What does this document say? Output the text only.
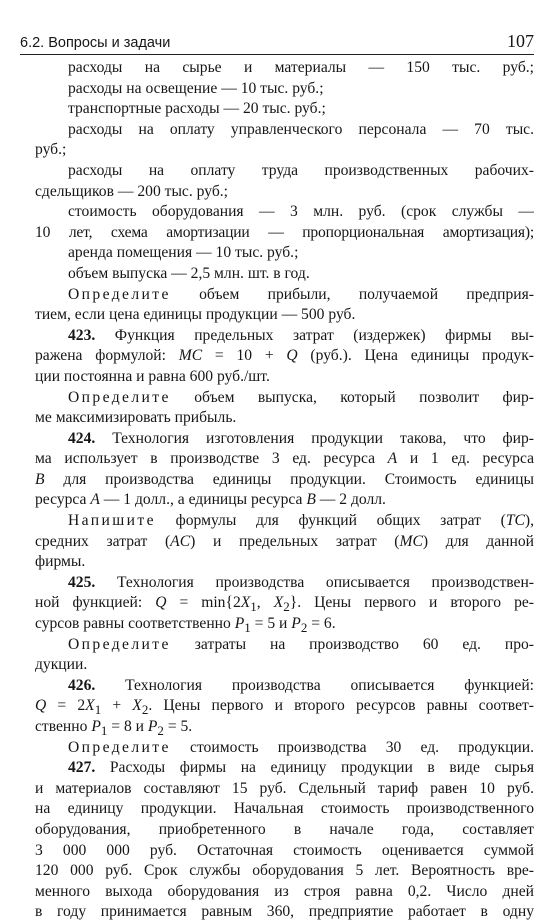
6.2. Вопросы и задачи	107
расходы на сырье и материалы — 150 тыс. руб.;
расходы на освещение — 10 тыс. руб.;
транспортные расходы — 20 тыс. руб.;
расходы на оплату управленческого персонала — 70 тыс.
руб.;
расходы на оплату труда производственных рабочих-
сдельщиков — 200 тыс. руб.;
стоимость оборудования — 3 млн. руб. (срок службы —
10 лет, схема амортизации — пропорциональная амортизация);
аренда помещения — 10 тыс. руб.;
объем выпуска — 2,5 млн. шт. в год.
Определите объем прибыли, получаемой предприя-
тием, если цена единицы продукции — 500 руб.
423. Функция предельных затрат (издержек) фирмы вы-
ражена формулой: MC = 10 + Q (руб.). Цена единицы продук-
ции постоянна и равна 600 руб./шт.
Определите объем выпуска, который позволит фир-
ме максимизировать прибыль.
424. Технология изготовления продукции такова, что фир-
ма использует в производстве 3 ед. ресурса A и 1 ед. ресурса
B для производства единицы продукции. Стоимость единицы
ресурса A — 1 долл., а единицы ресурса B — 2 долл.
Напишите формулы для функций общих затрат (TC),
средних затрат (AC) и предельных затрат (MC) для данной
фирмы.
425. Технология производства описывается производствен-
ной функцией: $Q = \min\{2X_1$, $X_2$}. Цены первого и второго ре-
сурсов равны соответственно $P_1 = 5$ и $P_2 = 6$.
Определите затраты на производство 60 ед. про-
дукции.
426. Технология производства описывается функцией:
$Q = 2X_1 + X_2$. Цены первого и второго ресурсов равны соответ-
ственно $P_1 = 8$ и $P_2 = 5$.
Определите стоимость производства 30 ед. продукции.
427. Расходы фирмы на единицу продукции в виде сырья
и материалов составляют 15 руб. Сдельный тариф равен 10 руб.
на единицу продукции. Начальная стоимость производственного
оборудования, приобретенного в начале года, составляет
3 000 000 руб. Остаточная стоимость оценивается суммой
120 000 руб. Срок службы оборудования 5 лет. Вероятность вре-
менного выхода оборудования из строя равна 0,2. Число дней
в году принимается равным 360, предприятие работает в одну
